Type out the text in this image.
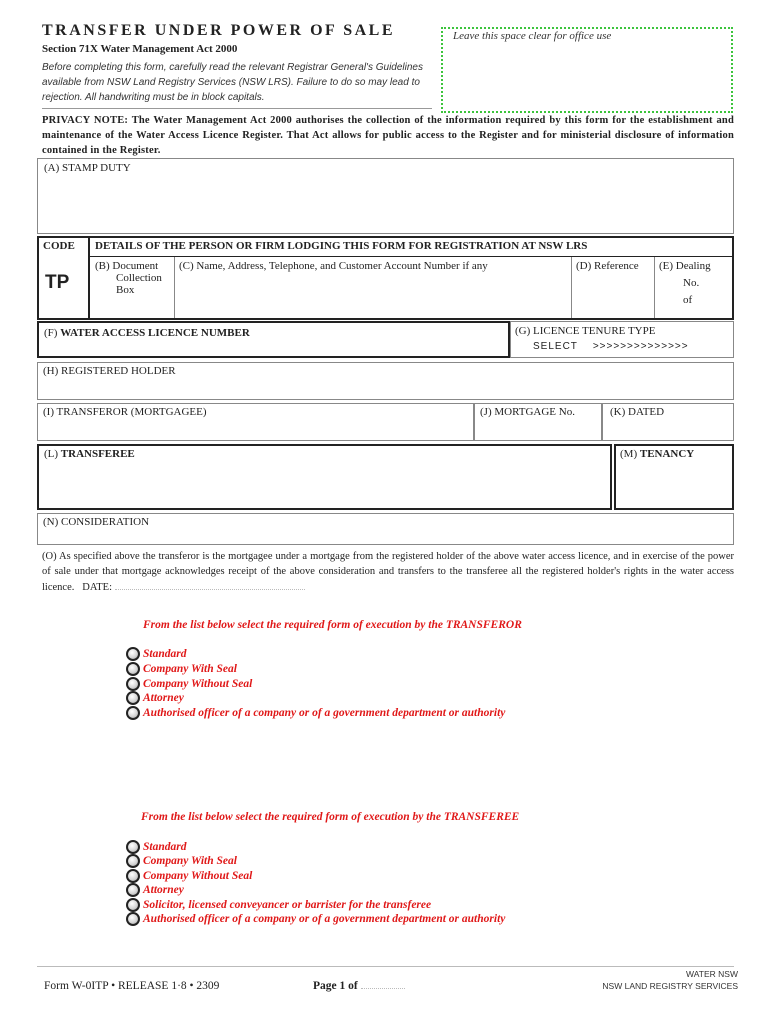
TRANSFER UNDER POWER OF SALE
Section 71X Water Management Act 2000
Before completing this form, carefully read the relevant Registrar General's Guidelines available from NSW Land Registry Services (NSW LRS). Failure to do so may lead to rejection. All handwriting must be in block capitals.
Leave this space clear for office use
PRIVACY NOTE: The Water Management Act 2000 authorises the collection of the information required by this form for the establishment and maintenance of the Water Access Licence Register. That Act allows for public access to the Register and for ministerial disclosure of information contained in the Register.
(A) STAMP DUTY
CODE
TP
DETAILS OF THE PERSON OR FIRM LODGING THIS FORM FOR REGISTRATION AT NSW LRS
(B) Document
Collection
Box
(C) Name, Address, Telephone, and Customer Account Number if any	(D) Reference (E) Dealing
No.
of
(F) WATER ACCESS LICENCE NUMBER	(G) LICENCE TENURE TYPE
SELECT    >>>>>>>>>>>>>>
(H) REGISTERED HOLDER
(I) TRANSFEROR (MORTGAGEE)	(J) MORTGAGE No.	(K) DATED
(L) TRANSFEREE	(M) TENANCY
(N) CONSIDERATION
(O) As specified above the transferor is the mortgagee under a mortgage from the registered holder of the above water access licence, and in exercise of the power of sale under that mortgage acknowledges receipt of the above consideration and transfers to the transferee all the registered holder's rights in the water access licence. DATE:
From the list below select the required form of execution by the TRANSFEROR
Standard
Company With Seal
Company Without Seal
Attorney
Authorised officer of a company or of a government department or authority
From the list below select the required form of execution by the TRANSFEREE
Standard
Company With Seal
Company Without Seal
Attorney
Solicitor, licensed conveyancer or barrister for the transferee
Authorised officer of a company or of a government department or authority
Form W-0ITP • RELEASE 1·8 • 2309	Page 1 of
WATER NSW
NSW LAND REGISTRY SERVICES
